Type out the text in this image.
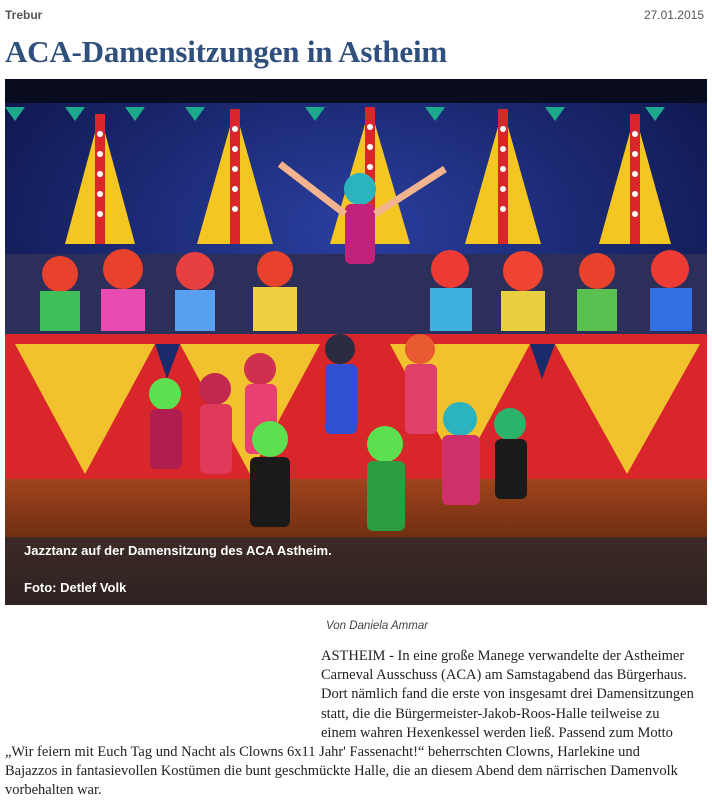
Trebur	27.01.2015
ACA-Damensitzungen in Astheim
Jazztanz auf der Damensitzung des ACA Astheim.
Foto: Detlef Volk
Von Daniela Ammar

ASTHEIM - In eine große Manege verwandelte der Astheimer Carneval Ausschuss (ACA) am Samstagabend das Bürgerhaus. Dort nämlich fand die erste von insgesamt drei Damensitzungen statt, die die Bürgermeister-Jakob-Roos-Halle teilweise zu einem wahren Hexenkessel werden ließ. Passend zum Motto „Wir feiern mit Euch Tag und Nacht als Clowns 6x11 Jahr' Fassenacht!“ beherrschten Clowns, Harlekine und Bajazzos in fantasievollen Kostümen die bunt geschmückte Halle, die an diesem Abend dem närrischen Damenvolk vorbehalten war.
